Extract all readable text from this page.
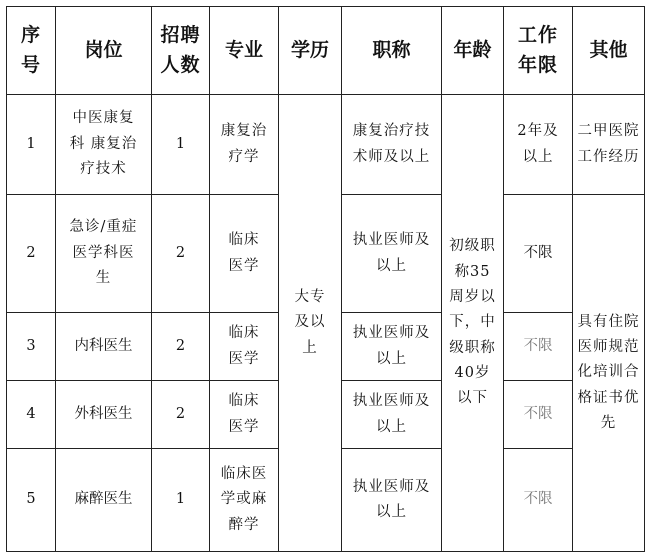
序号	岗位	招聘人数	专业	学历	职称	年龄	工作年限	其他
1	中医康复科 康复治疗技术	1	康复治疗学	大专及以上	康复治疗技术师及以上	初级职称35周岁以下，中级职称40岁以下	2年及以上	二甲医院工作经历
2	急诊/重症医学科医生	2	临床医学		执业医师及以上		不限	具有住院医师规范化培训合格证书优先
3	内科医生	2	临床医学		执业医师及以上		不限	
4	外科医生	2	临床医学		执业医师及以上		不限	
5	麻醉医生	1	临床医学或麻醉学		执业医师及以上		不限	
